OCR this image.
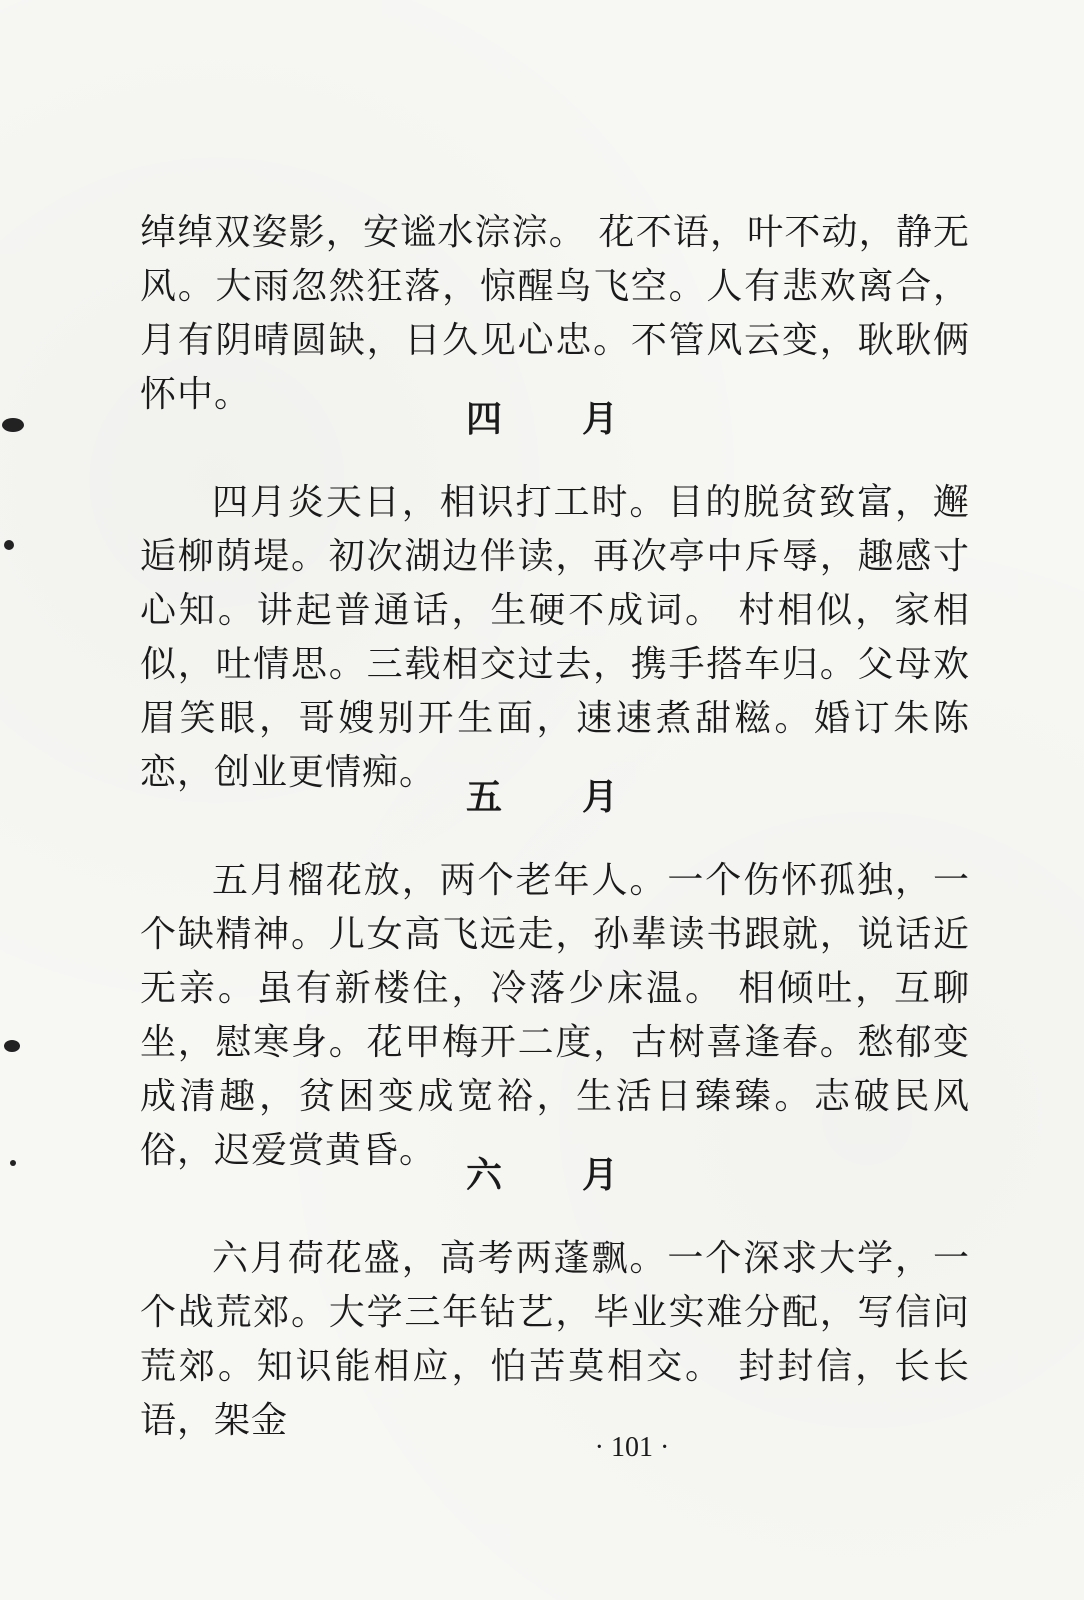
绰绰双姿影，安谧水淙淙。 花不语，叶不动，静无风。大雨忽然狂落，惊醒鸟飞空。人有悲欢离合，月有阴晴圆缺，日久见心忠。不管风云变，耿耿俩怀中。

四 月

四月炎天日，相识打工时。目的脱贫致富，邂逅柳荫堤。初次湖边伴读，再次亭中斥辱，趣感寸心知。讲起普通话，生硬不成词。 村相似，家相似，吐情思。三载相交过去，携手搭车归。父母欢眉笑眼，哥嫂别开生面，速速煮甜糍。婚订朱陈恋，创业更情痴。

五 月

五月榴花放，两个老年人。一个伤怀孤独，一个缺精神。儿女高飞远走，孙辈读书跟就，说话近无亲。虽有新楼住，冷落少床温。 相倾吐，互聊坐，慰寒身。花甲梅开二度，古树喜逢春。愁郁变成清趣，贫困变成宽裕，生活日臻臻。志破民风俗，迟爱赏黄昏。

六 月

六月荷花盛，高考两蓬飘。一个深求大学，一个战荒郊。大学三年钻艺，毕业实难分配，写信问荒郊。知识能相应，怕苦莫相交。 封封信，长长语，架金

· 101 ·
